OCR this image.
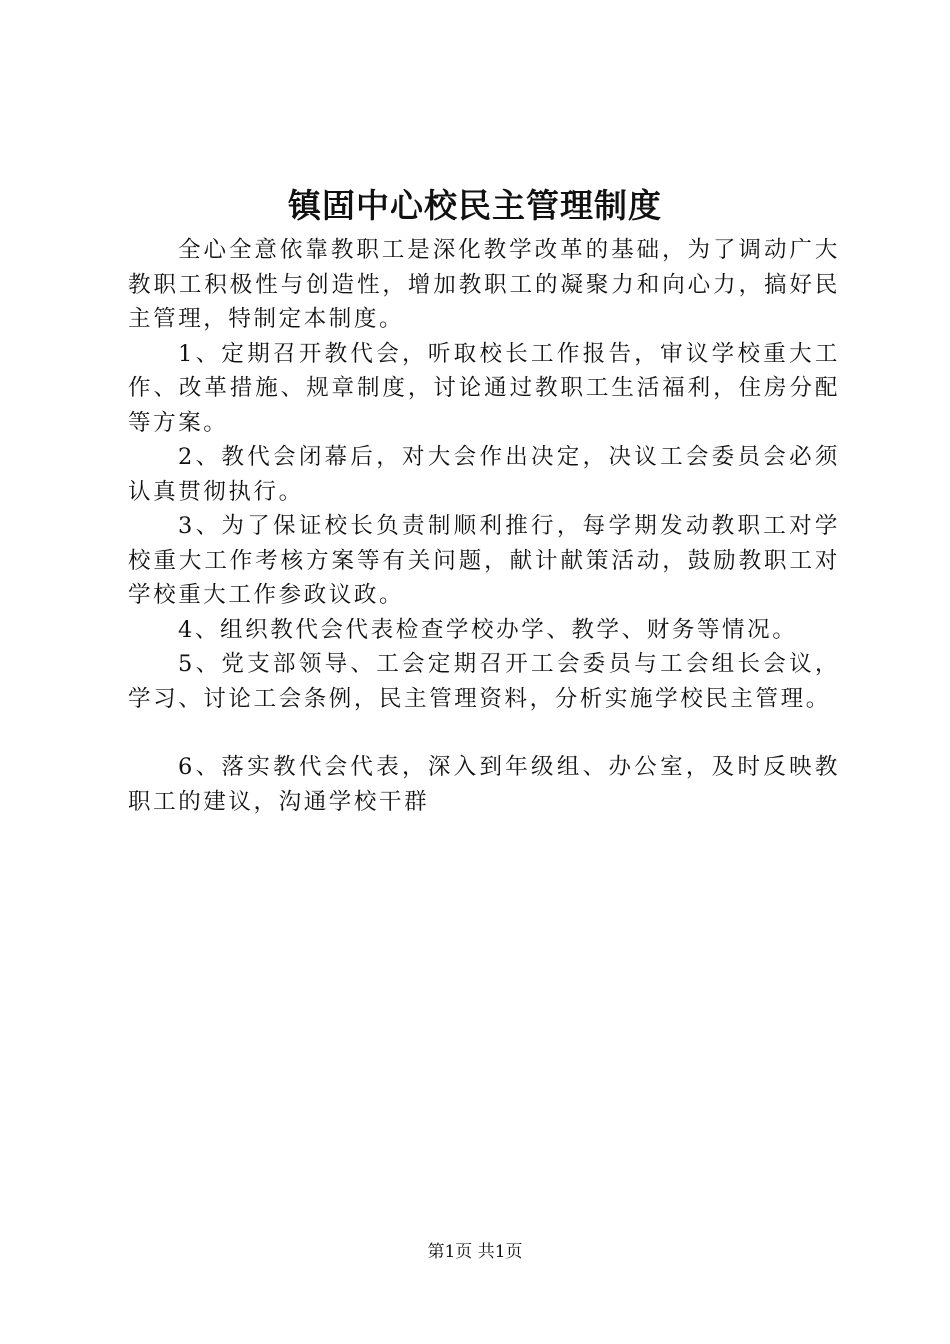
镇固中心校民主管理制度

全心全意依靠教职工是深化教学改革的基础，为了调动广大教职工积极性与创造性，增加教职工的凝聚力和向心力，搞好民主管理，特制定本制度。

1、定期召开教代会，听取校长工作报告，审议学校重大工作、改革措施、规章制度，讨论通过教职工生活福利，住房分配等方案。

2、教代会闭幕后，对大会作出决定，决议工会委员会必须认真贯彻执行。

3、为了保证校长负责制顺利推行，每学期发动教职工对学校重大工作考核方案等有关问题，献计献策活动，鼓励教职工对学校重大工作参政议政。

4、组织教代会代表检查学校办学、教学、财务等情况。

5、党支部领导、工会定期召开工会委员与工会组长会议，学习、讨论工会条例，民主管理资料，分析实施学校民主管理。

6、落实教代会代表，深入到年级组、办公室，及时反映教职工的建议，沟通学校干群

第1页 共1页
